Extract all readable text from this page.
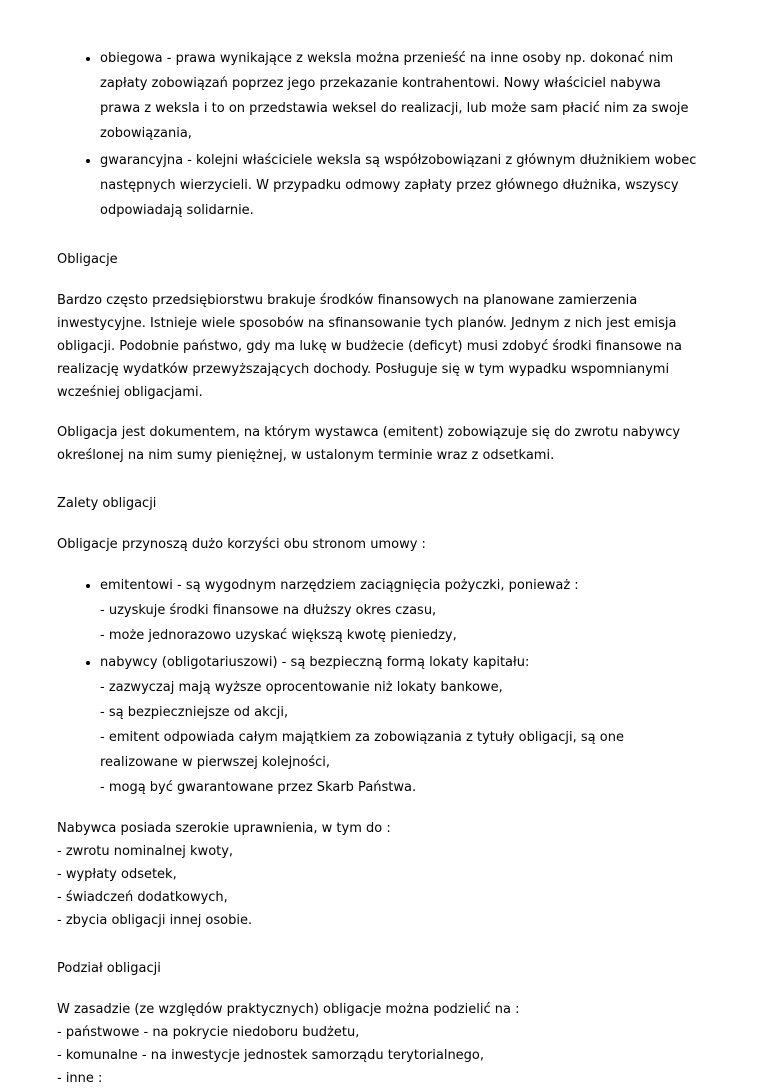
• obiegowa - prawa wynikające z weksla można przenieść na inne osoby np. dokonać nim zapłaty zobowiązań poprzez jego przekazanie kontrahentowi. Nowy właściciel nabywa prawa z weksla i to on przedstawia weksel do realizacji, lub może sam płacić nim za swoje zobowiązania,
• gwarancyjna - kolejni właściciele weksla są współzobowiązani z głównym dłużnikiem wobec następnych wierzycieli. W przypadku odmowy zapłaty przez głównego dłużnika, wszyscy odpowiadają solidarnie.

Obligacje

Bardzo często przedsiębiorstwu brakuje środków finansowych na planowane zamierzenia inwestycyjne. Istnieje wiele sposobów na sfinansowanie tych planów. Jednym z nich jest emisja obligacji. Podobnie państwo, gdy ma lukę w budżecie (deficyt) musi zdobyć środki finansowe na realizację wydatków przewyższających dochody. Posługuje się w tym wypadku wspomnianymi wcześniej obligacjami.

Obligacja jest dokumentem, na którym wystawca (emitent) zobowiązuje się do zwrotu nabywcy określonej na nim sumy pieniężnej, w ustalonym terminie wraz z odsetkami.

Zalety obligacji

Obligacje przynoszą dużo korzyści obu stronom umowy :

• emitentowi - są wygodnym narzędziem zaciągnięcia pożyczki, ponieważ :
- uzyskuje środki finansowe na dłuższy okres czasu,
- może jednorazowo uzyskać większą kwotę pieniedzy,
• nabywcy (obligotariuszowi) - są bezpieczną formą lokaty kapitału:
- zazwyczaj mają wyższe oprocentowanie niż lokaty bankowe,
- są bezpieczniejsze od akcji,
- emitent odpowiada całym majątkiem za zobowiązania z tytuły obligacji, są one realizowane w pierwszej kolejności,
- mogą być gwarantowane przez Skarb Państwa.
Nabywca posiada szerokie uprawnienia, w tym do :
- zwrotu nominalnej kwoty,
- wypłaty odsetek,
- świadczeń dodatkowych,
- zbycia obligacji innej osobie.

Podział obligacji

W zasadzie (ze względów praktycznych) obligacje można podzielić na :
- państwowe - na pokrycie niedoboru budżetu,
- komunalne - na inwestycje jednostek samorządu terytorialnego,
- inne :
